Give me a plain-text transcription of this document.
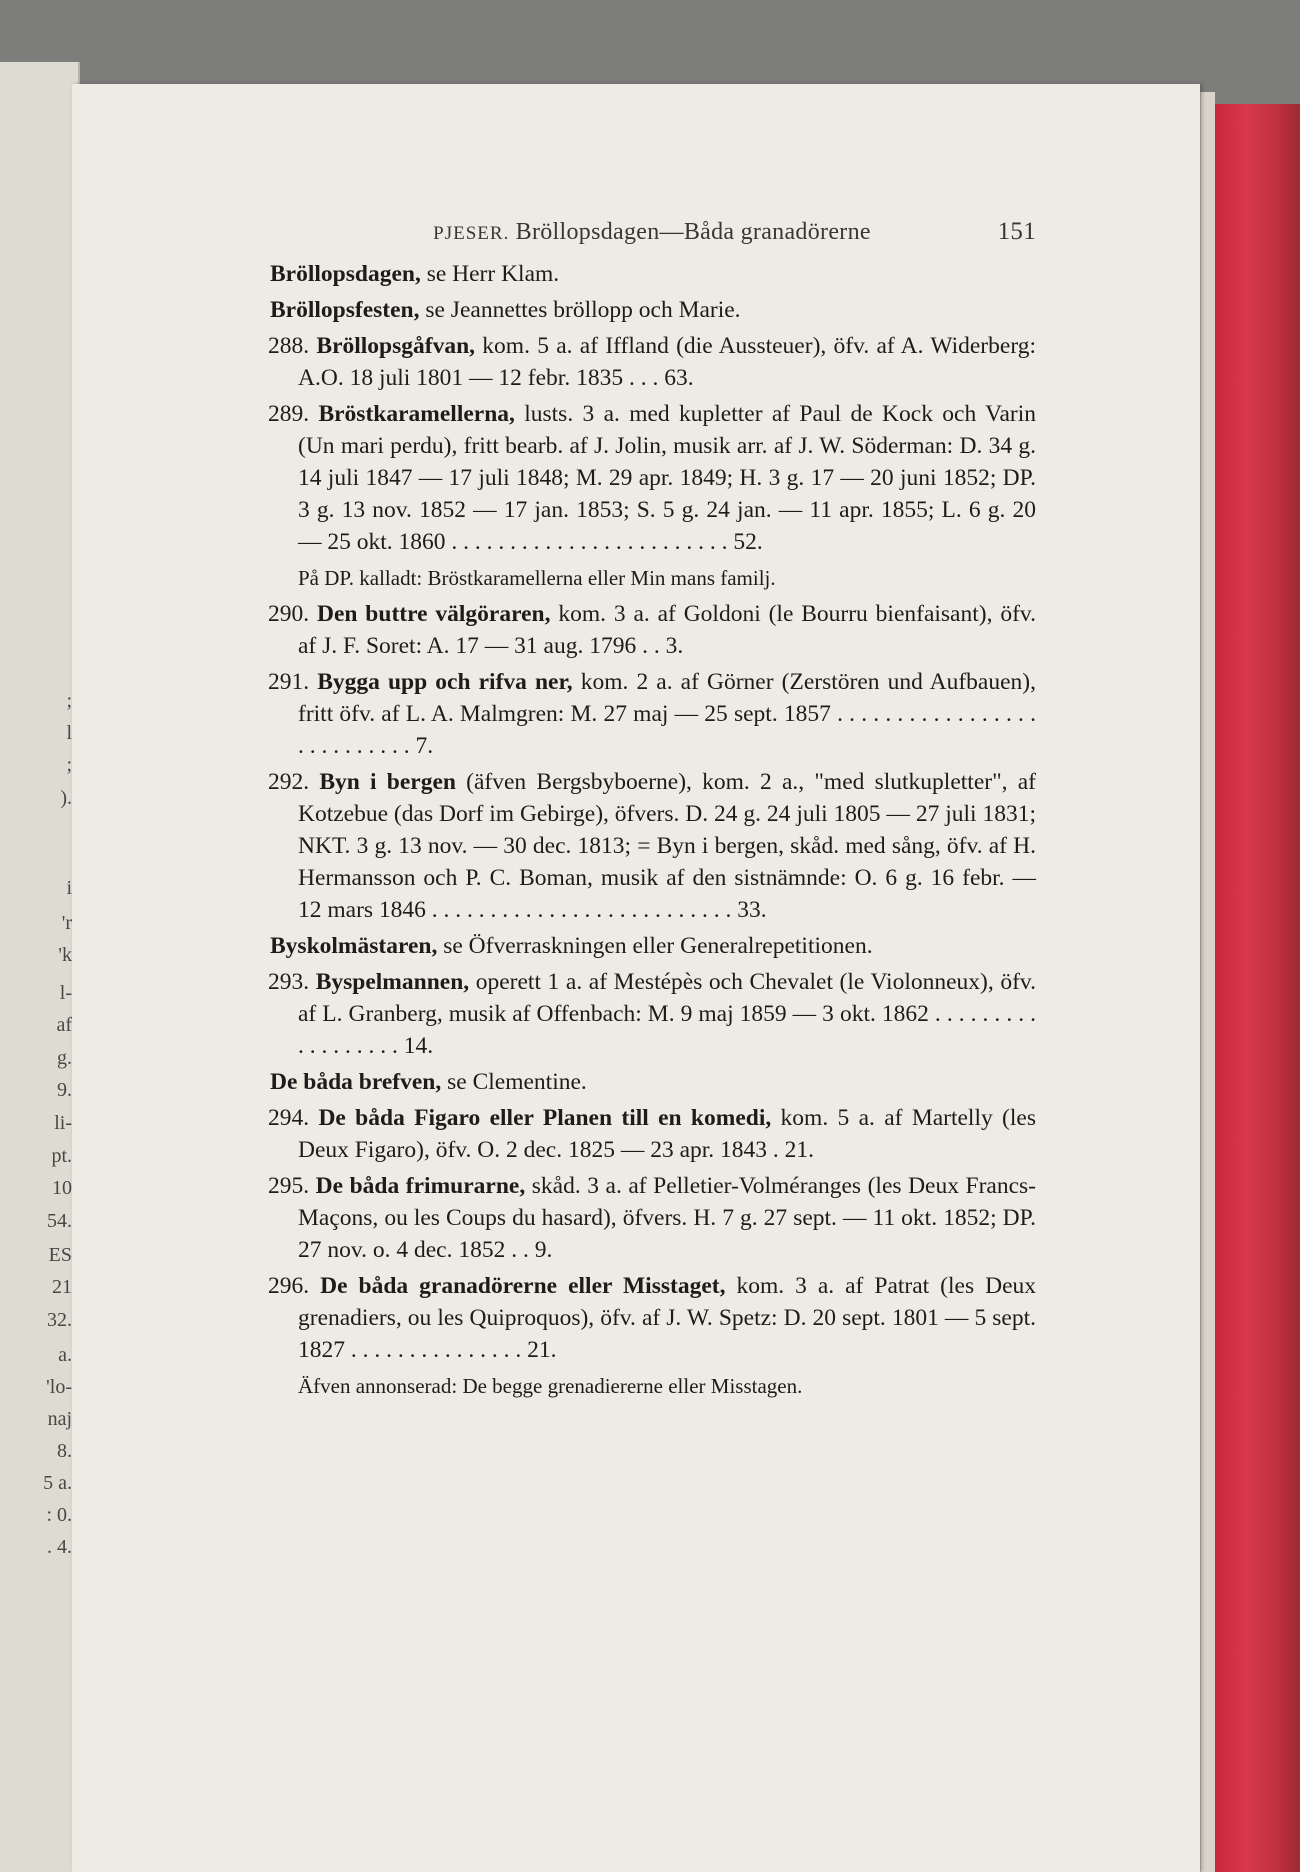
;
l
;
).
i
'r
'k
l-
af
g.
9.
li-
pt.
10
54.
ES
21
32.
a.
'lo-
naj
8.
5 a.
: 0.
. 4.
PJESER. Bröllopsdagen—Båda granadörerne	151

Bröllopsdagen, se Herr Klam.

Bröllopsfesten, se Jeannettes bröllopp och Marie.

288. Bröllopsgåfvan, kom. 5 a. af Iffland (die Aussteuer), öfv. af A. Widerberg: A.O. 18 juli 1801 — 12 febr. 1835 . . . 63.

289. Bröstkaramellerna, lusts. 3 a. med kupletter af Paul de Kock och Varin (Un mari perdu), fritt bearb. af J. Jolin, musik arr. af J. W. Söderman: D. 34 g. 14 juli 1847 — 17 juli 1848; M. 29 apr. 1849; H. 3 g. 17 — 20 juni 1852; DP. 3 g. 13 nov. 1852 — 17 jan. 1853; S. 5 g. 24 jan. — 11 apr. 1855; L. 6 g. 20 — 25 okt. 1860 . . . . . . . . . . . . . . . . . . . . . . . . 52.

På DP. kalladt: Bröstkaramellerna eller Min mans familj.

290. Den buttre välgöraren, kom. 3 a. af Goldoni (le Bourru bienfaisant), öfv. af J. F. Soret: A. 17 — 31 aug. 1796 . . 3.

291. Bygga upp och rifva ner, kom. 2 a. af Görner (Zerstören und Aufbauen), fritt öfv. af L. A. Malmgren: M. 27 maj — 25 sept. 1857 . . . . . . . . . . . . . . . . . . . . . . . . . . . 7.

292. Byn i bergen (äfven Bergsbyboerne), kom. 2 a., "med slutkupletter", af Kotzebue (das Dorf im Gebirge), öfvers. D. 24 g. 24 juli 1805 — 27 juli 1831; NKT. 3 g. 13 nov. — 30 dec. 1813; = Byn i bergen, skåd. med sång, öfv. af H. Hermansson och P. C. Boman, musik af den sistnämnde: O. 6 g. 16 febr. — 12 mars 1846 . . . . . . . . . . . . . . . . . . . . . . . . . . 33.

Byskolmästaren, se Öfverraskningen eller Generalrepetitionen.

293. Byspelmannen, operett 1 a. af Mestépès och Chevalet (le Violonneux), öfv. af L. Granberg, musik af Offenbach: M. 9 maj 1859 — 3 okt. 1862 . . . . . . . . . . . . . . . . . . 14.

De båda brefven, se Clementine.

294. De båda Figaro eller Planen till en komedi, kom. 5 a. af Martelly (les Deux Figaro), öfv. O. 2 dec. 1825 — 23 apr. 1843 . 21.

295. De båda frimurarne, skåd. 3 a. af Pelletier-Volméranges (les Deux Francs-Maçons, ou les Coups du hasard), öfvers. H. 7 g. 27 sept. — 11 okt. 1852; DP. 27 nov. o. 4 dec. 1852 . . 9.

296. De båda granadörerne eller Misstaget, kom. 3 a. af Patrat (les Deux grenadiers, ou les Quiproquos), öfv. af J. W. Spetz: D. 20 sept. 1801 — 5 sept. 1827 . . . . . . . . . . . . . . . 21.

Äfven annonserad: De begge grenadiererne eller Misstagen.
